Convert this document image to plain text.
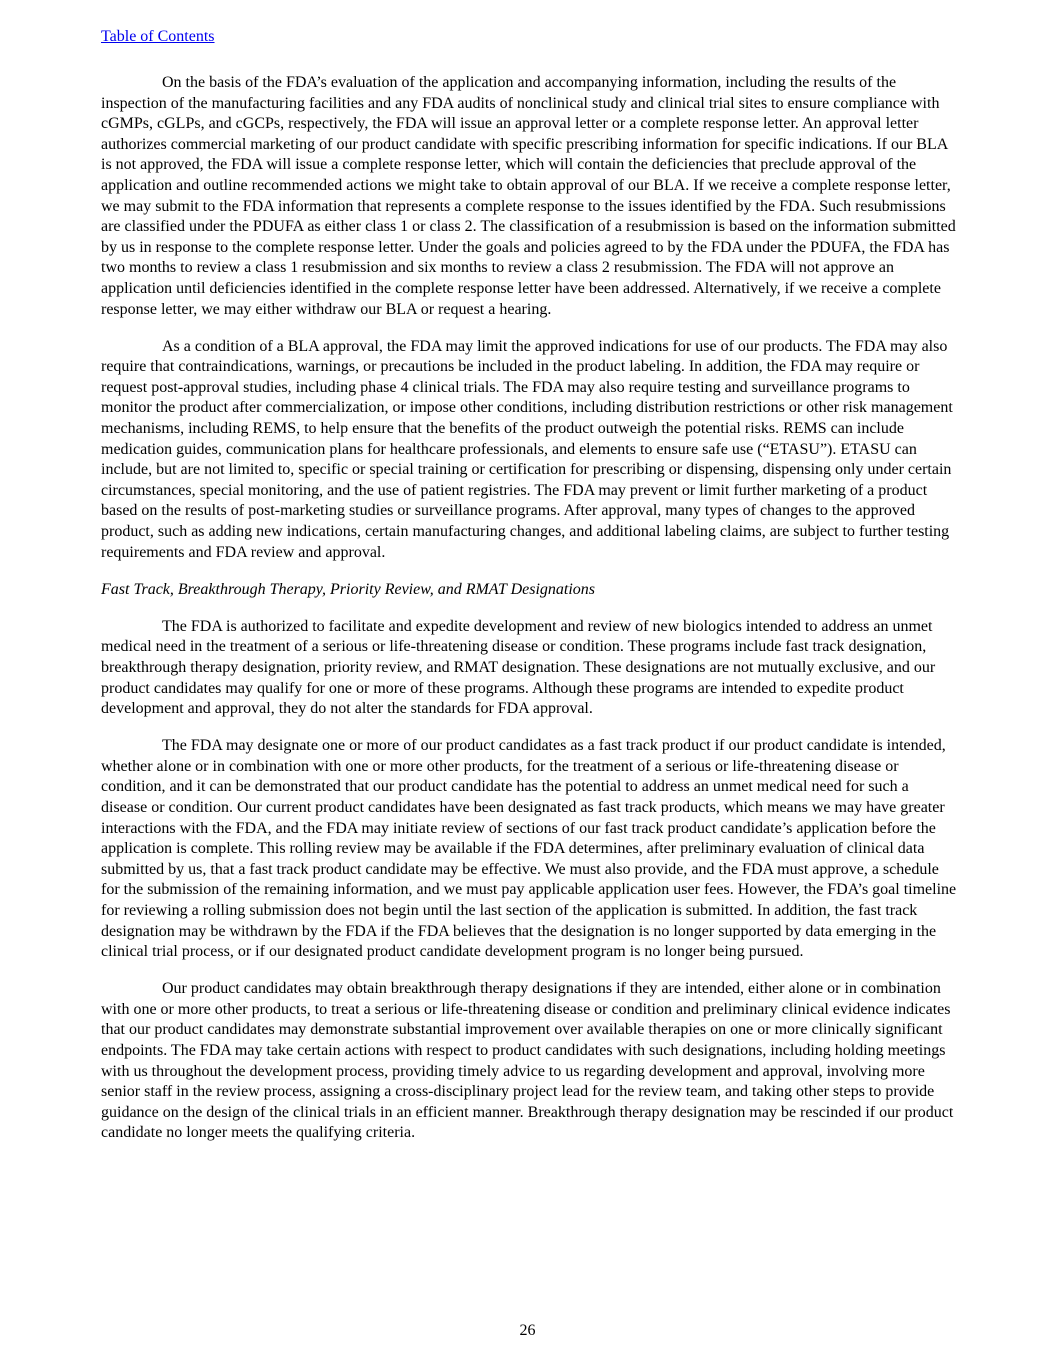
Table of Contents

On the basis of the FDA’s evaluation of the application and accompanying information, including the results of the inspection of the manufacturing facilities and any FDA audits of nonclinical study and clinical trial sites to ensure compliance with cGMPs, cGLPs, and cGCPs, respectively, the FDA will issue an approval letter or a complete response letter. An approval letter authorizes commercial marketing of our product candidate with specific prescribing information for specific indications. If our BLA is not approved, the FDA will issue a complete response letter, which will contain the deficiencies that preclude approval of the application and outline recommended actions we might take to obtain approval of our BLA. If we receive a complete response letter, we may submit to the FDA information that represents a complete response to the issues identified by the FDA. Such resubmissions are classified under the PDUFA as either class 1 or class 2. The classification of a resubmission is based on the information submitted by us in response to the complete response letter. Under the goals and policies agreed to by the FDA under the PDUFA, the FDA has two months to review a class 1 resubmission and six months to review a class 2 resubmission. The FDA will not approve an application until deficiencies identified in the complete response letter have been addressed. Alternatively, if we receive a complete response letter, we may either withdraw our BLA or request a hearing.

As a condition of a BLA approval, the FDA may limit the approved indications for use of our products. The FDA may also require that contraindications, warnings, or precautions be included in the product labeling. In addition, the FDA may require or request post-approval studies, including phase 4 clinical trials. The FDA may also require testing and surveillance programs to monitor the product after commercialization, or impose other conditions, including distribution restrictions or other risk management mechanisms, including REMS, to help ensure that the benefits of the product outweigh the potential risks. REMS can include medication guides, communication plans for healthcare professionals, and elements to ensure safe use (“ETASU”). ETASU can include, but are not limited to, specific or special training or certification for prescribing or dispensing, dispensing only under certain circumstances, special monitoring, and the use of patient registries. The FDA may prevent or limit further marketing of a product based on the results of post-marketing studies or surveillance programs. After approval, many types of changes to the approved product, such as adding new indications, certain manufacturing changes, and additional labeling claims, are subject to further testing requirements and FDA review and approval.

Fast Track, Breakthrough Therapy, Priority Review, and RMAT Designations

The FDA is authorized to facilitate and expedite development and review of new biologics intended to address an unmet medical need in the treatment of a serious or life-threatening disease or condition. These programs include fast track designation, breakthrough therapy designation, priority review, and RMAT designation. These designations are not mutually exclusive, and our product candidates may qualify for one or more of these programs. Although these programs are intended to expedite product development and approval, they do not alter the standards for FDA approval.

The FDA may designate one or more of our product candidates as a fast track product if our product candidate is intended, whether alone or in combination with one or more other products, for the treatment of a serious or life-threatening disease or condition, and it can be demonstrated that our product candidate has the potential to address an unmet medical need for such a disease or condition. Our current product candidates have been designated as fast track products, which means we may have greater interactions with the FDA, and the FDA may initiate review of sections of our fast track product candidate’s application before the application is complete. This rolling review may be available if the FDA determines, after preliminary evaluation of clinical data submitted by us, that a fast track product candidate may be effective. We must also provide, and the FDA must approve, a schedule for the submission of the remaining information, and we must pay applicable application user fees. However, the FDA’s goal timeline for reviewing a rolling submission does not begin until the last section of the application is submitted. In addition, the fast track designation may be withdrawn by the FDA if the FDA believes that the designation is no longer supported by data emerging in the clinical trial process, or if our designated product candidate development program is no longer being pursued.

Our product candidates may obtain breakthrough therapy designations if they are intended, either alone or in combination with one or more other products, to treat a serious or life-threatening disease or condition and preliminary clinical evidence indicates that our product candidates may demonstrate substantial improvement over available therapies on one or more clinically significant endpoints. The FDA may take certain actions with respect to product candidates with such designations, including holding meetings with us throughout the development process, providing timely advice to us regarding development and approval, involving more senior staff in the review process, assigning a cross-disciplinary project lead for the review team, and taking other steps to provide guidance on the design of the clinical trials in an efficient manner. Breakthrough therapy designation may be rescinded if our product candidate no longer meets the qualifying criteria.

26
